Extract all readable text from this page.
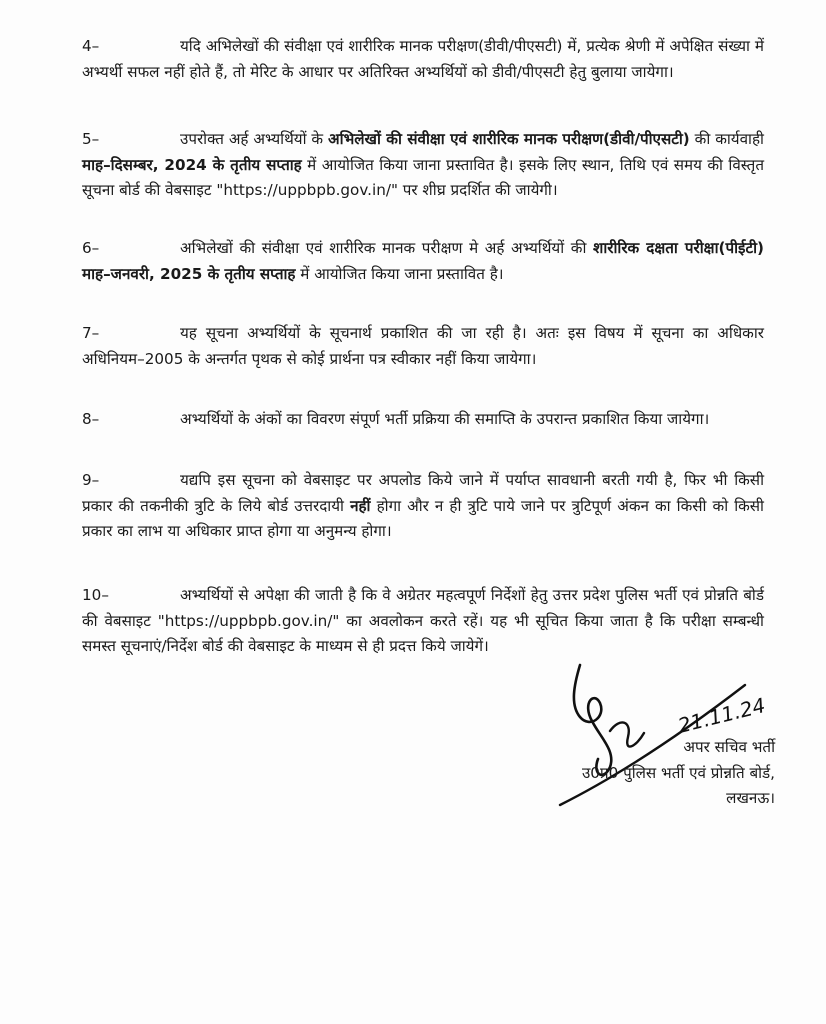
4–	यदि अभिलेखों की संवीक्षा एवं शारीरिक मानक परीक्षण(डीवी/पीएसटी) में, प्रत्येक श्रेणी में अपेक्षित संख्या में अभ्यर्थी सफल नहीं होते हैं, तो मेरिट के आधार पर अतिरिक्त अभ्यर्थियों को डीवी/पीएसटी हेतु बुलाया जायेगा।
5–	उपरोक्त अर्ह अभ्यर्थियों के अभिलेखों की संवीक्षा एवं शारीरिक मानक परीक्षण(डीवी/पीएसटी) की कार्यवाही माह–दिसम्बर, 2024 के तृतीय सप्ताह में आयोजित किया जाना प्रस्तावित है। इसके लिए स्थान, तिथि एवं समय की विस्तृत सूचना बोर्ड की वेबसाइट "https://uppbpb.gov.in/" पर शीघ्र प्रदर्शित की जायेगी।
6–	अभिलेखों की संवीक्षा एवं शारीरिक मानक परीक्षण मे अर्ह अभ्यर्थियों की शारीरिक दक्षता परीक्षा(पीईटी) माह–जनवरी, 2025 के तृतीय सप्ताह में आयोजित किया जाना प्रस्तावित है।
7–	यह सूचना अभ्यर्थियों के सूचनार्थ प्रकाशित की जा रही है। अतः इस विषय में सूचना का अधिकार अधिनियम–2005 के अन्तर्गत पृथक से कोई प्रार्थना पत्र स्वीकार नहीं किया जायेगा।
8–	अभ्यर्थियों के अंकों का विवरण संपूर्ण भर्ती प्रक्रिया की समाप्ति के उपरान्त प्रकाशित किया जायेगा।
9–	यद्यपि इस सूचना को वेबसाइट पर अपलोड किये जाने में पर्याप्त सावधानी बरती गयी है, फिर भी किसी प्रकार की तकनीकी त्रुटि के लिये बोर्ड उत्तरदायी नहीं होगा और न ही त्रुटि पाये जाने पर त्रुटिपूर्ण अंकन का किसी को किसी प्रकार का लाभ या अधिकार प्राप्त होगा या अनुमन्य होगा।
10–	अभ्यर्थियों से अपेक्षा की जाती है कि वे अग्रेतर महत्वपूर्ण निर्देशों हेतु उत्तर प्रदेश पुलिस भर्ती एवं प्रोन्नति बोर्ड की वेबसाइट "https://uppbpb.gov.in/" का अवलोकन करते रहें। यह भी सूचित किया जाता है कि परीक्षा सम्बन्धी समस्त सूचनाएं/निर्देश बोर्ड की वेबसाइट के माध्यम से ही प्रदत्त किये जायेगें।
21.11.24
अपर सचिव भर्ती
उ0प्र0 पुलिस भर्ती एवं प्रोन्नति बोर्ड,
लखनऊ।
